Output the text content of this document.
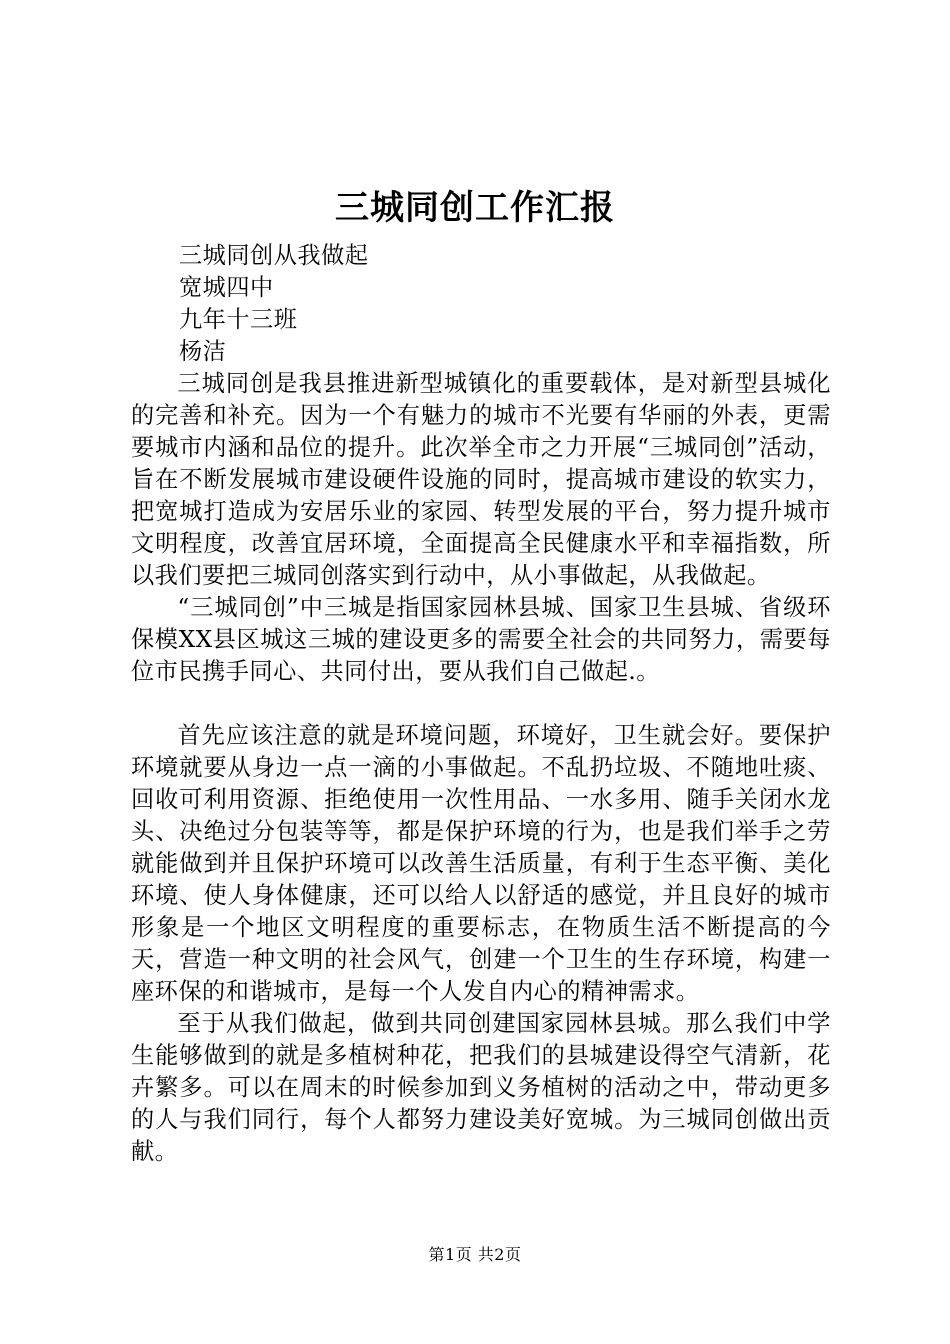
三城同创工作汇报

三城同创从我做起

宽城四中

九年十三班

杨洁

三城同创是我县推进新型城镇化的重要载体，是对新型县城化的完善和补充。因为一个有魅力的城市不光要有华丽的外表，更需要城市内涵和品位的提升。此次举全市之力开展“三城同创”活动，旨在不断发展城市建设硬件设施的同时，提高城市建设的软实力，把宽城打造成为安居乐业的家园、转型发展的平台，努力提升城市文明程度，改善宜居环境，全面提高全民健康水平和幸福指数，所以我们要把三城同创落实到行动中，从小事做起，从我做起。

“三城同创”中三城是指国家园林县城、国家卫生县城、省级环保模XX县区城这三城的建设更多的需要全社会的共同努力，需要每位市民携手同心、共同付出，要从我们自己做起.。

首先应该注意的就是环境问题，环境好，卫生就会好。要保护环境就要从身边一点一滴的小事做起。不乱扔垃圾、不随地吐痰、回收可利用资源、拒绝使用一次性用品、一水多用、随手关闭水龙头、决绝过分包装等等，都是保护环境的行为，也是我们举手之劳就能做到并且保护环境可以改善生活质量，有利于生态平衡、美化环境、使人身体健康，还可以给人以舒适的感觉，并且良好的城市形象是一个地区文明程度的重要标志，在物质生活不断提高的今天，营造一种文明的社会风气，创建一个卫生的生存环境，构建一座环保的和谐城市，是每一个人发自内心的精神需求。

至于从我们做起，做到共同创建国家园林县城。那么我们中学生能够做到的就是多植树种花，把我们的县城建设得空气清新，花卉繁多。可以在周末的时候参加到义务植树的活动之中，带动更多的人与我们同行，每个人都努力建设美好宽城。为三城同创做出贡献。

第1页 共2页
